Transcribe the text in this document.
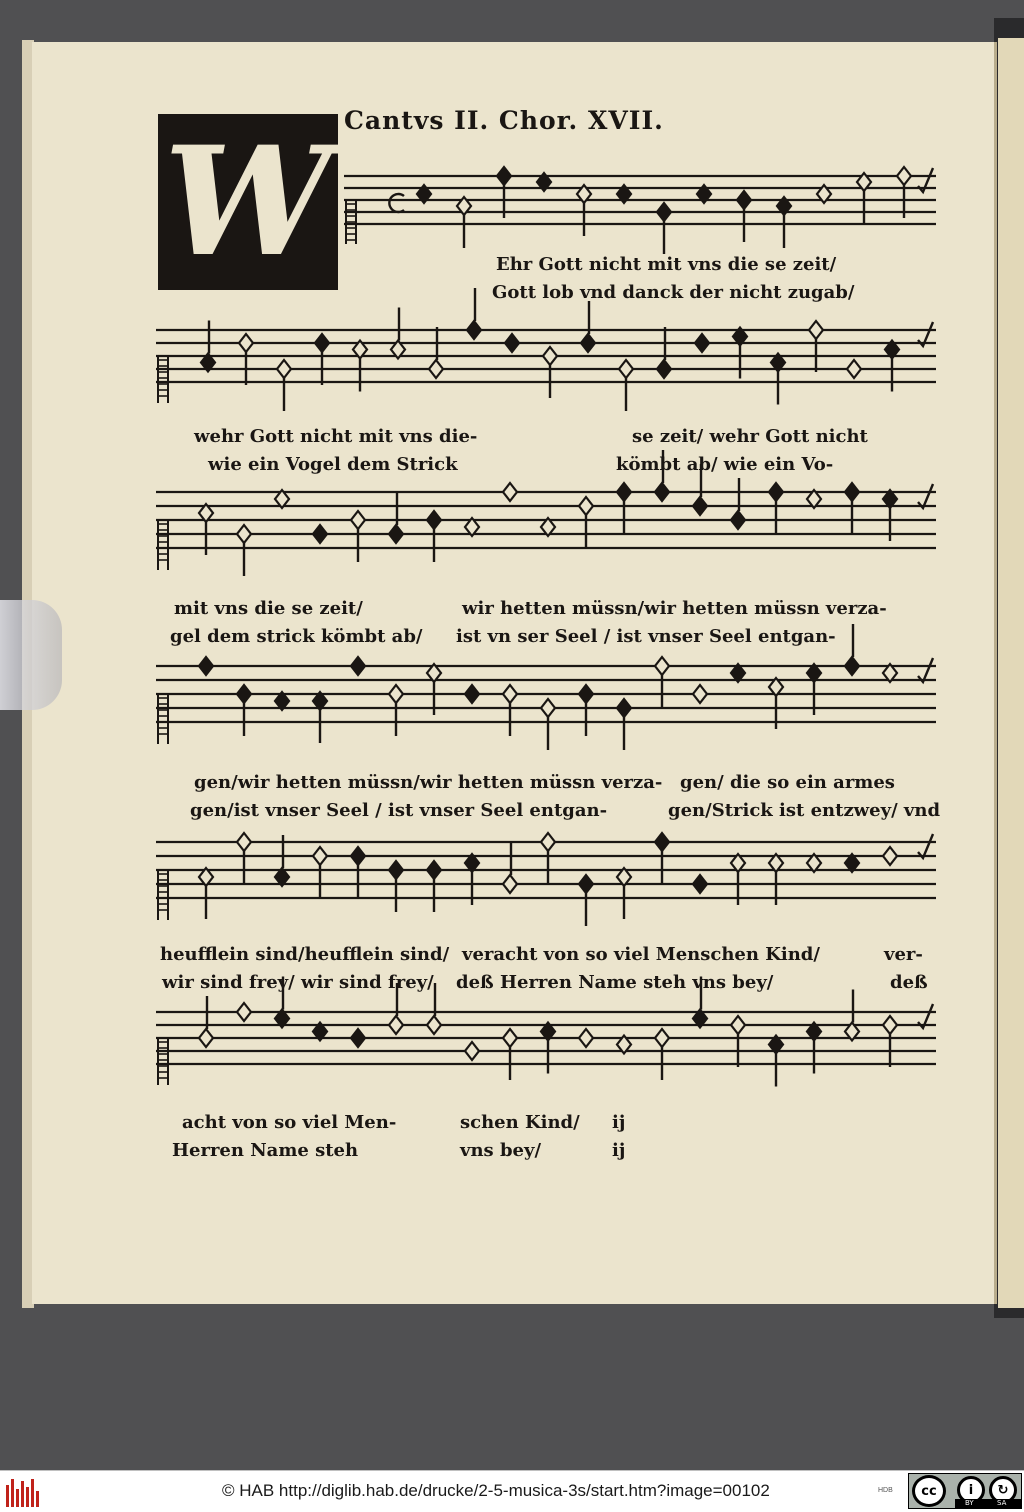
W Cantvs II. Chor. XVII.
Ehr Gott nicht mit vns die se zeit/
Gott lob vnd danck der nicht zugab/
wehr Gott nicht mit vns die-	se zeit/ wehr Gott nicht
wie ein Vogel dem Strick	kömbt ab/ wie ein Vo-
mit vns die se zeit/	wir hetten müssn/wir hetten müssn verza-
gel dem strick kömbt ab/ ist vn ser Seel / ist vnser Seel entgan-
gen/wir hetten müssn/wir hetten müssn verza- gen/ die so ein armes
gen/ist vnser Seel / ist vnser Seel entgan-	gen/Strick ist entzwey/ vnd
heufflein sind/heufflein sind/ veracht von so viel Menschen Kind/	ver-
wir sind frey/ wir sind frey/ deß Herren Name steh vns bey/	deß
acht von so viel Men-	schen Kind/ ij
Herren Name steh	vns bey/	ij
© HAB http://diglib.hab.de/drucke/2-5-musica-3s/start.htm?image=00102	HDB	cc	i	↻
BY	SA
